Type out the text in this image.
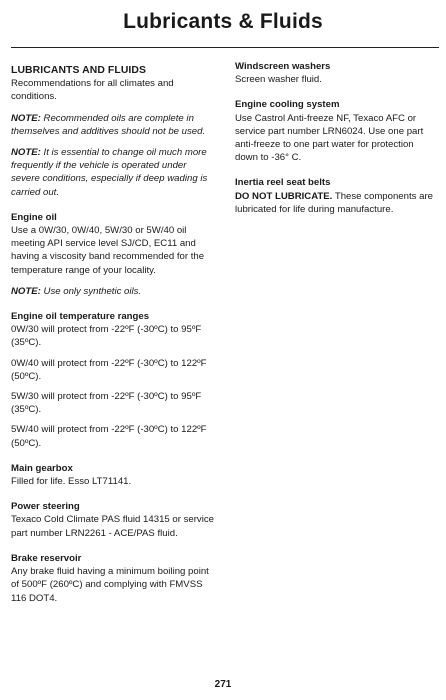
Lubricants & Fluids
LUBRICANTS AND FLUIDS

Recommendations for all climates and conditions.

NOTE: Recommended oils are complete in themselves and additives should not be used.

NOTE: It is essential to change oil much more frequently if the vehicle is operated under severe conditions, especially if deep wading is carried out.

Engine oil

Use a 0W/30, 0W/40, 5W/30 or 5W/40 oil meeting API service level SJ/CD, EC11 and having a viscosity band recommended for the temperature range of your locality.

NOTE: Use only synthetic oils.

Engine oil temperature ranges

0W/30 will protect from -22ºF (-30ºC) to 95ºF (35ºC).

0W/40 will protect from -22ºF (-30ºC) to 122ºF (50ºC).

5W/30 will protect from -22ºF (-30ºC) to 95ºF (35ºC).

5W/40 will protect from -22ºF (-30ºC) to 122ºF (50ºC).

Main gearbox

Filled for life. Esso LT71141.

Power steering

Texaco Cold Climate PAS fluid 14315 or service part number LRN2261 - ACE/PAS fluid.

Brake reservoir

Any brake fluid having a minimum boiling point of 500ºF (260ºC) and complying with FMVSS 116 DOT4.

Windscreen washers

Screen washer fluid.

Engine cooling system

Use Castrol Anti-freeze NF, Texaco AFC or service part number LRN6024. Use one part anti-freeze to one part water for protection down to -36° C.

Inertia reel seat belts

DO NOT LUBRICATE. These components are lubricated for life during manufacture.

271
